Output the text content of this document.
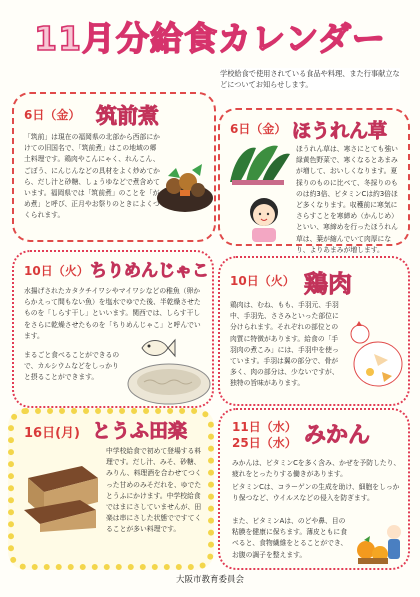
11月分給食カレンダー
学校給食で使用されている食品や料理、また行事献立などについてお知らせします。
6日（金） 筑前煮
「筑前」は現在の福岡県の北部から西部にかけての旧国名で、「筑前煮」はこの地域の郷土料理です。鶏肉やこんにゃく、れんこん、ごぼう、にんじんなどの具材をよく炒めてから、だし汁と砂糖、しょうゆなどで煮含めています。福岡県では「筑前煮」のことを「がめ煮」と呼び、正月やお祭りのときによくつくられます。
6日（金） ほうれん草
ほうれん草は、寒さにとても強い緑黄色野菜で、寒くなるとあまみが増して、おいしくなります。夏採りのものに比べて、冬採りのものは約3倍、ビタミンCは約3倍ほど多くなります。収穫前に寒気にさらすことを寒締め（かんじめ）といい、寒締めを行ったほうれん草は、葉が縮んでいて肉厚になり、よりあまみが増します。
10日（火） ちりめんじゃこ
水揚げされたカタクチイワシやマイワシなどの稚魚（卵からかえって間もない魚）を塩水でゆでた後、半乾燥させたものを「しらす干し」といいます。関西では、しらす干しをさらに乾燥させたものを「ちりめんじゃこ」と呼んでいます。
まるごと食べることができるので、カルシウムなどをしっかりと摂ることができます。
10日（火） 鶏肉
鶏肉は、むね、もも、手羽元、手羽中、手羽先、ささみといった部位に分けられます。それぞれの部位との肉質に特徴があります。給食の「手羽肉の煮こみ」には、手羽中を使っています。手羽は翼の部分で、骨が多く、肉の部分は、少ないですが、独特の旨味があります。
16日(月) とうふ田楽
中学校給食で初めて登場する料理です。だし汁、みそ、砂糖、みりん、料理酒を合わせてつくった甘めのみそだれを、ゆでたとうふにかけます。中学校給食ではまにさしていませんが、田楽は串にさした状態でですてくることが多い料理です。
11日（水）
25日（水） みかん
みかんは、ビタミンCを多く含み、かぜを予防したり、疲れをとったりする働きがあります。
ビタミンCは、コラーゲンの生成を助け、細胞をしっかり保つなど、ウイルスなどの侵入を防ぎます。
また、ビタミンAは、のどや鼻、目の粘膜を健康に保ちます。薄皮ともに食べると、食物繊維をとることができ、お腹の調子を整えます。
大阪市教育委員会
